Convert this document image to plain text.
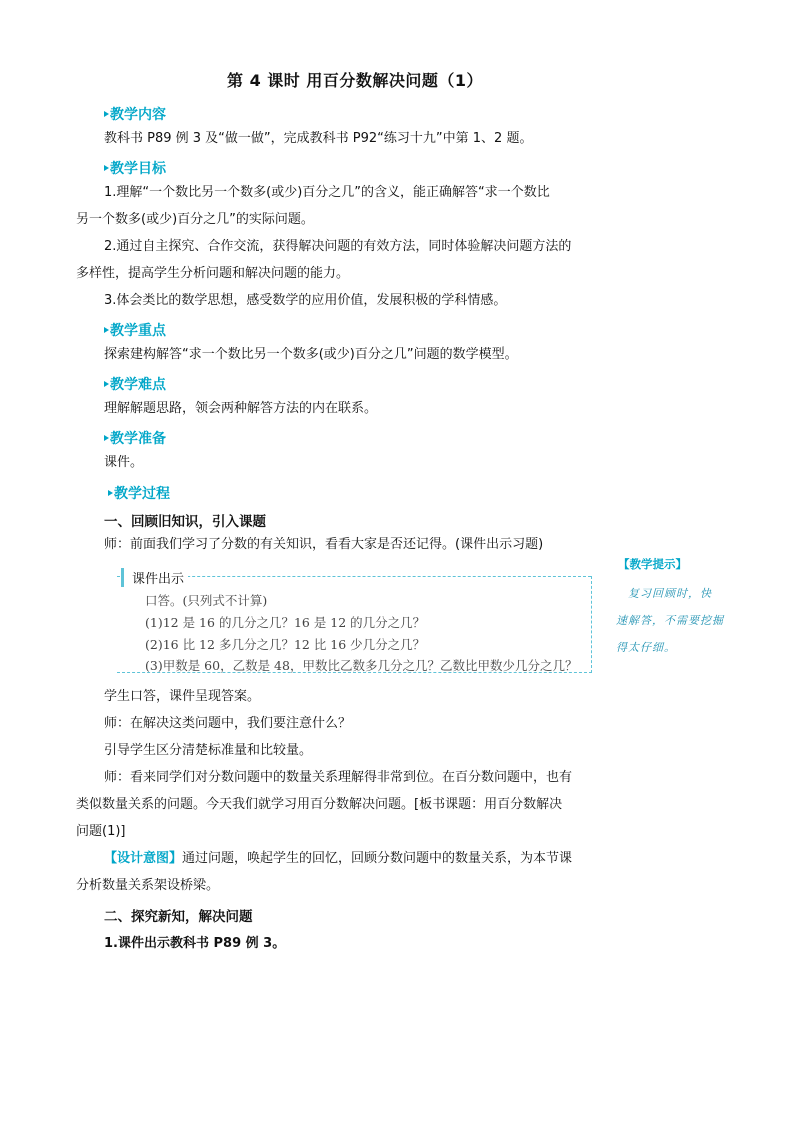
第 4 课时 用百分数解决问题（1）
教学内容
教科书 P89 例 3 及“做一做”，完成教科书 P92“练习十九”中第 1、2 题。
教学目标
1.理解“一个数比另一个数多(或少)百分之几”的含义，能正确解答“求一个数比
另一个数多(或少)百分之几”的实际问题。
2.通过自主探究、合作交流，获得解决问题的有效方法，同时体验解决问题方法的
多样性，提高学生分析问题和解决问题的能力。
3.体会类比的数学思想，感受数学的应用价值，发展积极的学科情感。
教学重点
探索建构解答“求一个数比另一个数多(或少)百分之几”问题的数学模型。
教学难点
理解解题思路，领会两种解答方法的内在联系。
教学准备
课件。
教学过程
一、回顾旧知识，引入课题
师：前面我们学习了分数的有关知识，看看大家是否还记得。(课件出示习题)
课件出示
口答。(只列式不计算)
(1)12 是 16 的几分之几？16 是 12 的几分之几？
(2)16 比 12 多几分之几？12 比 16 少几分之几？
(3)甲数是 60，乙数是 48，甲数比乙数多几分之几？乙数比甲数少几分之几？
【教学提示】
复习回顾时，快
速解答，不需要挖掘
得太仔细。
学生口答，课件呈现答案。
师：在解决这类问题中，我们要注意什么？
引导学生区分清楚标准量和比较量。
师：看来同学们对分数问题中的数量关系理解得非常到位。在百分数问题中，也有
类似数量关系的问题。今天我们就学习用百分数解决问题。[板书课题：用百分数解决
问题(1)]
【设计意图】通过问题，唤起学生的回忆，回顾分数问题中的数量关系，为本节课
分析数量关系架设桥梁。
二、探究新知，解决问题
1.课件出示教科书 P89 例 3。
